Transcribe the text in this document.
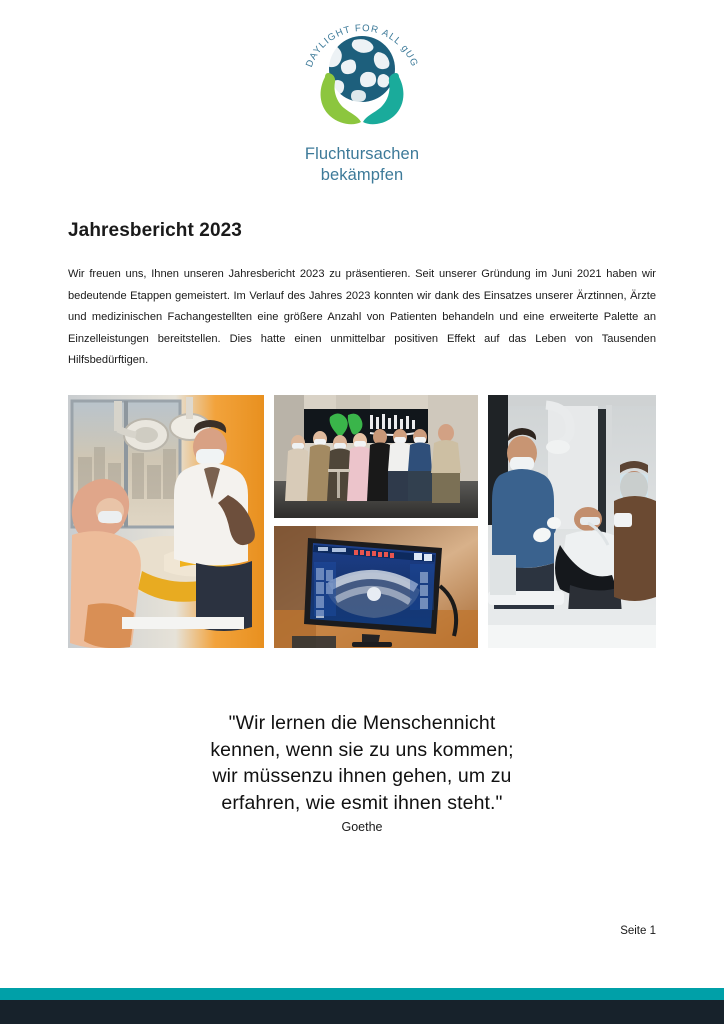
DAYLIGHT FOR ALL gUG
Fluchtursachen
bekämpfen
Jahresbericht 2023

Wir freuen uns, Ihnen unseren Jahresbericht 2023 zu präsentieren. Seit unserer Gründung im Juni 2021 haben wir bedeutende Etappen gemeistert. Im Verlauf des Jahres 2023 konnten wir dank des Einsatzes unserer Ärztinnen, Ärzte und medizinischen Fachangestellten eine größere Anzahl von Patienten behandeln und eine erweiterte Palette an Einzelleistungen bereitstellen. Dies hatte einen unmittelbar positiven Effekt auf das Leben von Tausenden Hilfsbedürftigen.

"Wir lernen die Menschennicht
kennen, wenn sie zu uns kommen;
wir müssenzu ihnen gehen, um zu
erfahren, wie esmit ihnen steht."
Goethe
Seite 1
